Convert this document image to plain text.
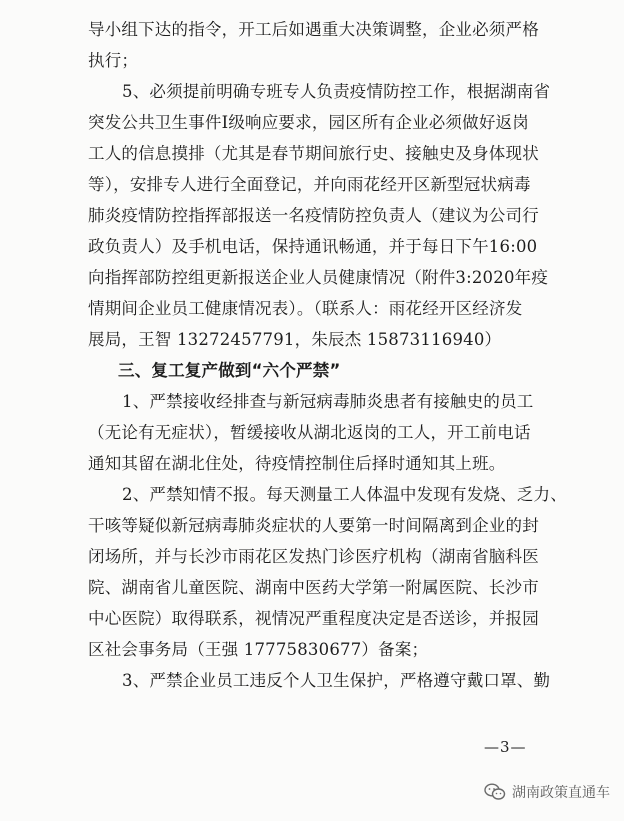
导小组下达的指令，开工后如遇重大决策调整，企业必须严格
执行；
5、必须提前明确专班专人负责疫情防控工作，根据湖南省
突发公共卫生事件I级响应要求，园区所有企业必须做好返岗
工人的信息摸排（尤其是春节期间旅行史、接触史及身体现状
等），安排专人进行全面登记，并向雨花经开区新型冠状病毒
肺炎疫情防控指挥部报送一名疫情防控负责人（建议为公司行
政负责人）及手机电话，保持通讯畅通，并于每日下午16:00
向指挥部防控组更新报送企业人员健康情况（附件3:2020年疫
情期间企业员工健康情况表）。（联系人：雨花经开区经济发
展局，王智 13272457791，朱辰杰 15873116940）
三、复工复产做到“六个严禁”
1、严禁接收经排查与新冠病毒肺炎患者有接触史的员工
（无论有无症状），暂缓接收从湖北返岗的工人，开工前电话
通知其留在湖北住处，待疫情控制住后择时通知其上班。
2、严禁知情不报。每天测量工人体温中发现有发烧、乏力、
干咳等疑似新冠病毒肺炎症状的人要第一时间隔离到企业的封
闭场所，并与长沙市雨花区发热门诊医疗机构（湖南省脑科医
院、湖南省儿童医院、湖南中医药大学第一附属医院、长沙市
中心医院）取得联系，视情况严重程度决定是否送诊，并报园
区社会事务局（王强 17775830677）备案；
3、严禁企业员工违反个人卫生保护，严格遵守戴口罩、勤
—3—
湖南政策直通车
